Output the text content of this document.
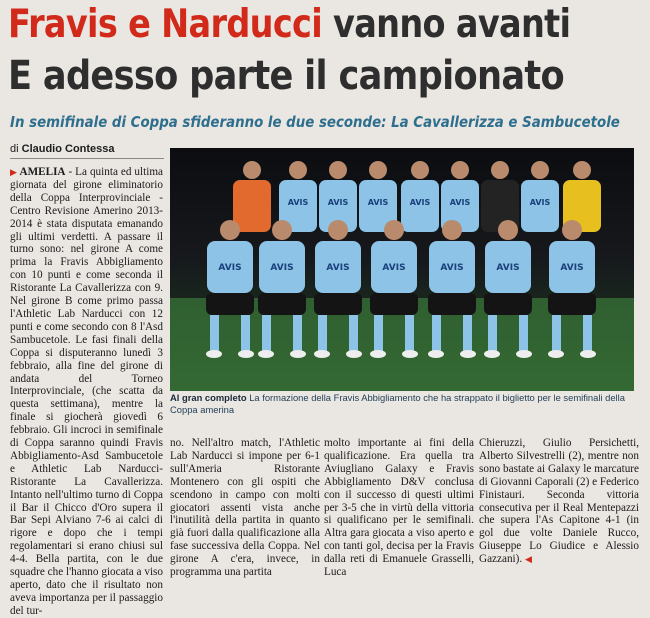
Fravis e Narducci vanno avanti
E adesso parte il campionato
In semifinale di Coppa sfideranno le due seconde: La Cavallerizza e Sambucetole
di Claudio Contessa
▶ AMELIA - La quinta ed ultima giornata del girone eliminatorio della Coppa Interprovinciale - Centro Revisione Amerino 2013-2014 è stata disputata emanando gli ultimi verdetti. A passare il turno sono: nel girone A come prima la Fravis Abbigliamento con 10 punti e come seconda il Ristorante La Cavallerizza con 9. Nel girone B come primo passa l'Athletic Lab Narducci con 12 punti e come secondo con 8 l'Asd Sambucetole. Le fasi finali della Coppa si disputeranno lunedì 3 febbraio, alla fine del girone di andata del Torneo Interprovinciale, (che scatta da questa settimana), mentre la finale si giocherà giovedì 6 febbraio. Gli incroci in semifinale di Coppa saranno quindi Fravis Abbigliamento-Asd Sambucetole e Athletic Lab Narducci-Ristorante La Cavallerizza. Intanto nell'ultimo turno di Coppa il Bar il Chicco d'Oro supera il Bar Sepi Alviano 7-6 ai calci di rigore e dopo che i tempi regolamentari si erano chiusi sul 4-4. Bella partita, con le due squadre che l'hanno giocata a viso aperto, dato che il risultato non aveva importanza per il passaggio del tur-
AVIS AVIS AVIS	AVIS AVIS	AVIS
AVIS	AVIS	AVIS	AVIS	AVIS	AVIS	AVIS
Al gran completo La formazione della Fravis Abbigliamento che ha strappato il biglietto per le semifinali della Coppa amerina
no. Nell'altro match, l'Athletic Lab Narducci si impone per 6-1 sull'Ameria Ristorante Montenero con gli ospiti che scendono in campo con molti giocatori assenti vista anche l'inutilità della partita in quanto già fuori dalla qualificazione alla fase successiva della Coppa. Nel girone A c'era, invece, in programma una partita
molto importante ai fini della qualificazione. Era quella tra Aviugliano Galaxy e Fravis Abbigliamento D&V conclusa con il successo di questi ultimi per 3-5 che in virtù della vittoria si qualificano per le semifinali. Altra gara giocata a viso aperto e con tanti gol, decisa per la Fravis dalla reti di Emanuele Grasselli, Luca
Chieruzzi, Giulio Persichetti, Alberto Silvestrelli (2), mentre non sono bastate ai Galaxy le marcature di Giovanni Caporali (2) e Federico Finistauri. Seconda vittoria consecutiva per il Real Mentepazzi che supera l'As Capitone 4-1 (in gol due volte Daniele Rucco, Giuseppe Lo Giudice e Alessio Gazzani). ◀
